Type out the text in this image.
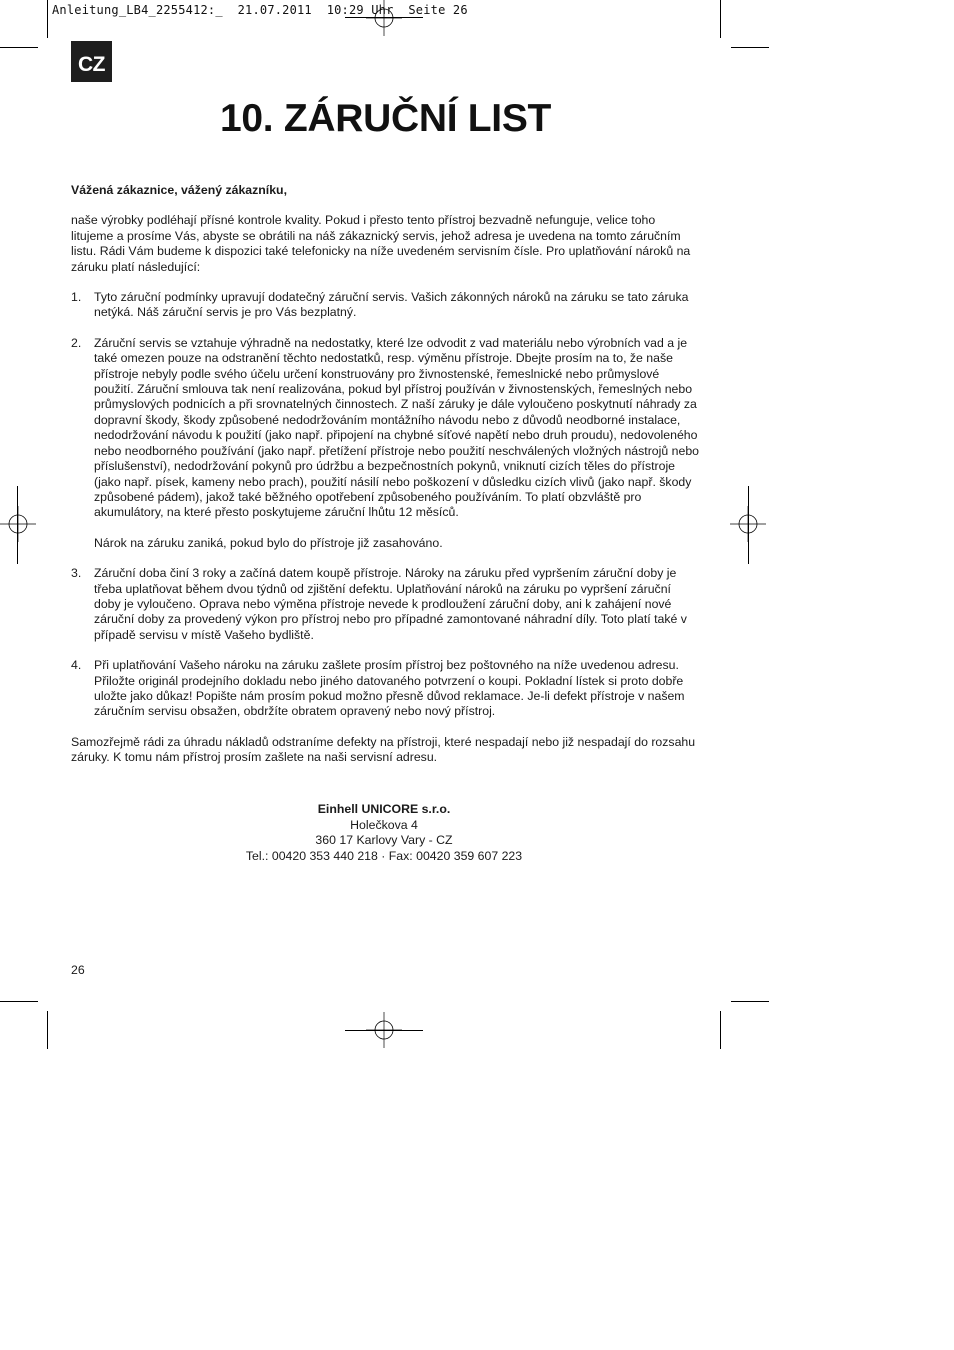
Anleitung_LB4_2255412:_  21.07.2011  10:29 Uhr  Seite 26
CZ
10. ZÁRUČNÍ LIST

Vážená zákaznice, vážený zákazníku,

naše výrobky podléhají přísné kontrole kvality. Pokud i přesto tento přístroj bezvadně nefunguje, velice toho litujeme a prosíme Vás, abyste se obrátili na náš zákaznický servis, jehož adresa je uvedena na tomto záručním listu. Rádi Vám budeme k dispozici také telefonicky na níže uvedeném servisním čísle. Pro uplatňování nároků na záruku platí následující:

1. Tyto záruční podmínky upravují dodatečný záruční servis. Vašich zákonných nároků na záruku se tato záruka netýká. Náš záruční servis je pro Vás bezplatný.

2. Záruční servis se vztahuje výhradně na nedostatky, které lze odvodit z vad materiálu nebo výrobních vad a je také omezen pouze na odstranění těchto nedostatků, resp. výměnu přístroje. Dbejte prosím na to, že naše přístroje nebyly podle svého účelu určení konstruovány pro živnostenské, řemeslnické nebo průmyslové použití. Záruční smlouva tak není realizována, pokud byl přístroj používán v živnostenských, řemeslných nebo průmyslových podnicích a při srovnatelných činnostech. Z naší záruky je dále vyloučeno poskytnutí náhrady za dopravní škody, škody způsobené nedodržováním montážního návodu nebo z důvodů neodborné instalace, nedodržování návodu k použití (jako např. připojení na chybné síťové napětí nebo druh proudu), nedovoleného nebo neodborného používání (jako např. přetížení přístroje nebo použití neschválených vložných nástrojů nebo příslušenství), nedodržování pokynů pro údržbu a bezpečnostních pokynů, vniknutí cizích těles do přístroje (jako např. písek, kameny nebo prach), použití násilí nebo poškození v důsledku cizích vlivů (jako např. škody způsobené pádem), jakož také běžného opotřebení způsobeného používáním. To platí obzvláště pro akumulátory, na které přesto poskytujeme záruční lhůtu 12 měsíců.

Nárok na záruku zaniká, pokud bylo do přístroje již zasahováno.

3. Záruční doba činí 3 roky a začíná datem koupě přístroje. Nároky na záruku před vypršením záruční doby je třeba uplatňovat během dvou týdnů od zjištění defektu. Uplatňování nároků na záruku po vypršení záruční doby je vyloučeno. Oprava nebo výměna přístroje nevede k prodloužení záruční doby, ani k zahájení nové záruční doby za provedený výkon pro přístroj nebo pro případné zamontované náhradní díly. Toto platí také v případě servisu v místě Vašeho bydliště.

4. Při uplatňování Vašeho nároku na záruku zašlete prosím přístroj bez poštovného na níže uvedenou adresu. Přiložte originál prodejního dokladu nebo jiného datovaného potvrzení o koupi. Pokladní lístek si proto dobře uložte jako důkaz! Popište nám prosím pokud možno přesně důvod reklamace. Je-li defekt přístroje v našem záručním servisu obsažen, obdržíte obratem opravený nebo nový přístroj.

Samozřejmě rádi za úhradu nákladů odstraníme defekty na přístroji, které nespadají nebo již nespadají do rozsahu záruky. K tomu nám přístroj prosím zašlete na naši servisní adresu.

Einhell UNICORE s.r.o.
Holečkova 4
360 17 Karlovy Vary - CZ
Tel.: 00420 353 440 218 · Fax: 00420 359 607 223
26
